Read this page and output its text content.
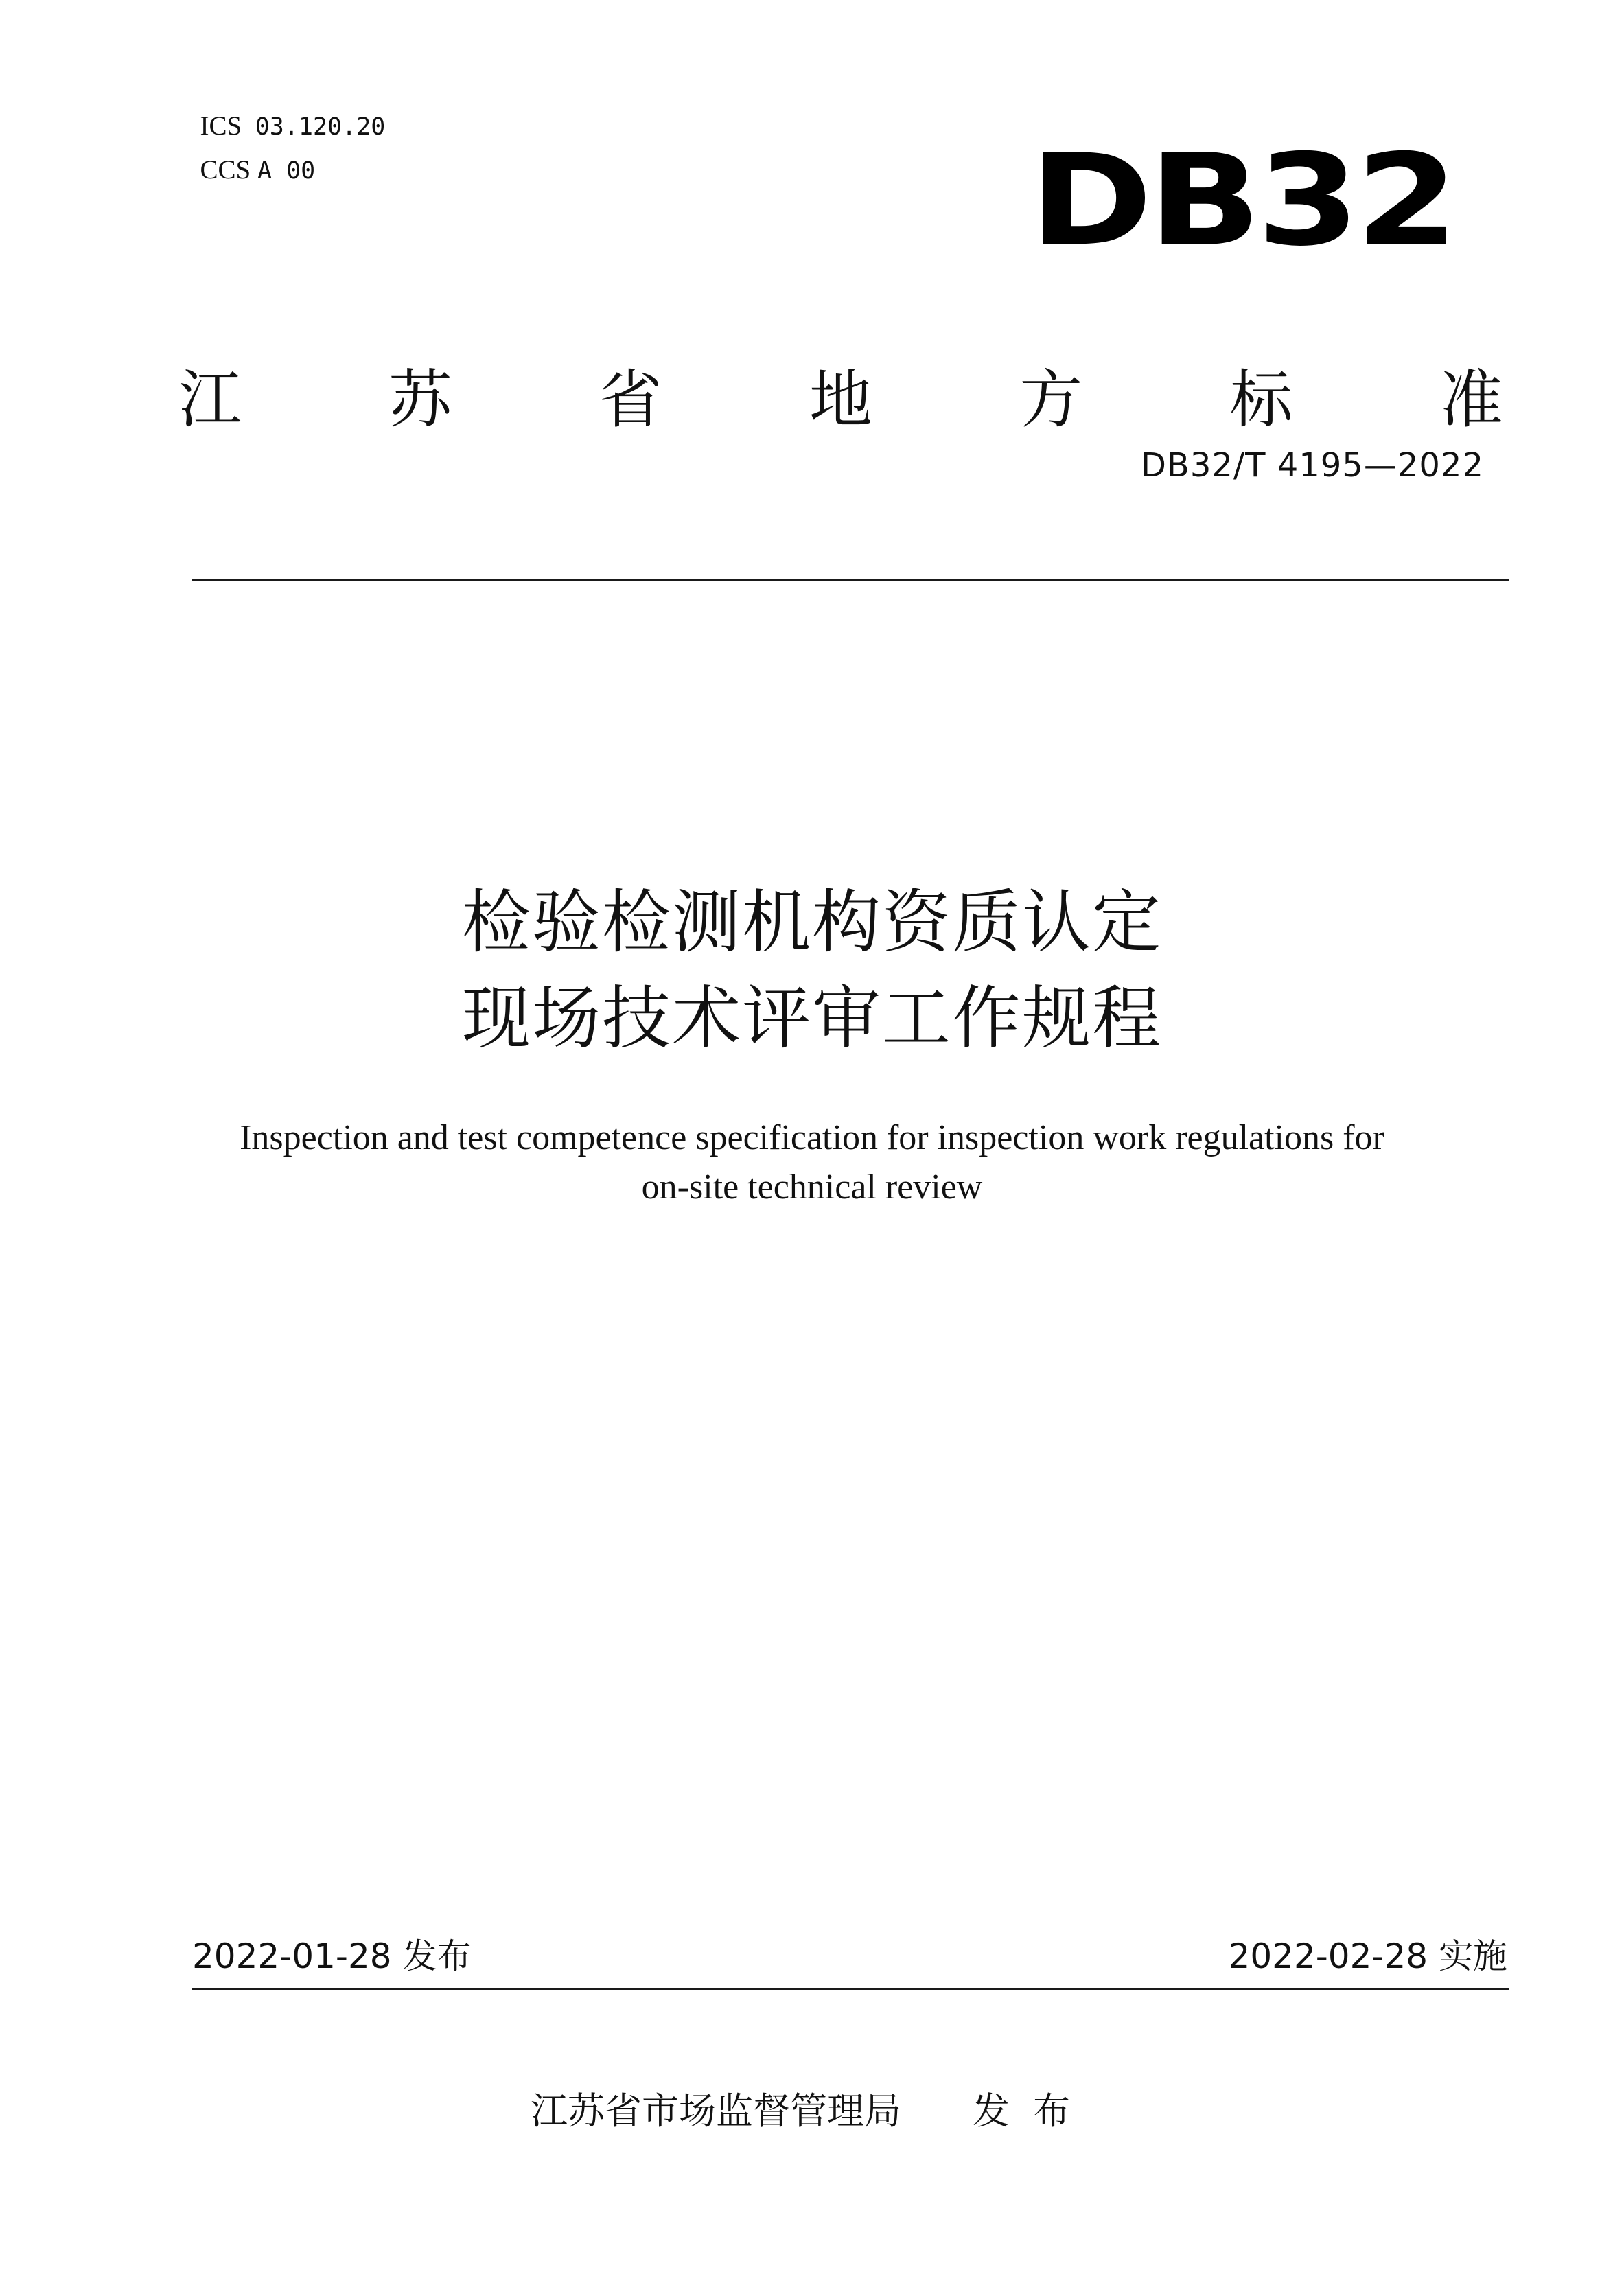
ICS 03.120.20

CCS A 00	DB32
江 苏 省 地 方 标 准
DB32/T 4195—2022
检验检测机构资质认定
现场技术评审工作规程
Inspection and test competence specification for inspection work regulations for
on-site technical review
2022-01-28 发布	2022-02-28 实施
江苏省市场监督管理局 发布
